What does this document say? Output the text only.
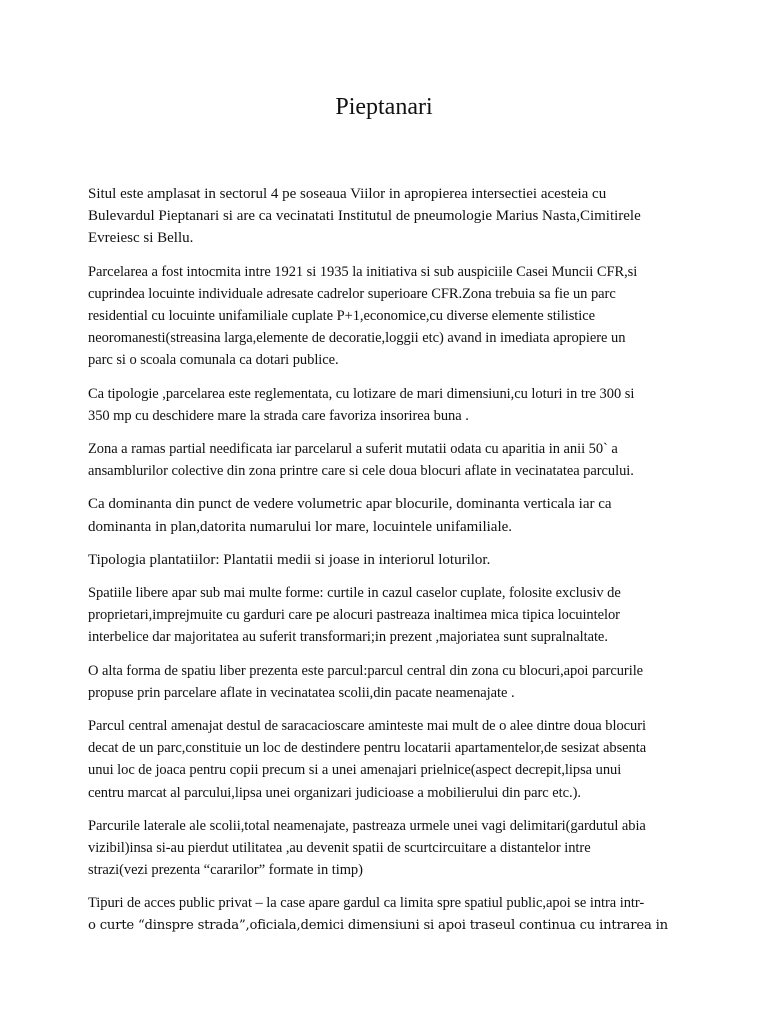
Pieptanari

Situl este amplasat in sectorul 4 pe soseaua Viilor in apropierea intersectiei acesteia cu
Bulevardul Pieptanari si are ca vecinatati Institutul de pneumologie Marius Nasta,Cimitirele
Evreiesc si Bellu.

Parcelarea a fost intocmita intre 1921 si 1935 la initiativa si sub auspiciile Casei Muncii CFR,si
cuprindea locuinte individuale adresate cadrelor superioare CFR.Zona trebuia sa fie un parc
residential cu locuinte unifamiliale cuplate P+1,economice,cu diverse elemente stilistice
neoromanesti(streasina larga,elemente de decoratie,loggii etc) avand in imediata apropiere un
parc si o scoala comunala ca dotari publice.

Ca tipologie ,parcelarea este reglementata, cu lotizare de mari dimensiuni,cu loturi in tre 300 si
350 mp cu deschidere mare la strada care favoriza insorirea buna .

Zona a ramas partial needificata iar parcelarul a suferit mutatii odata cu aparitia in anii 50` a
ansamblurilor colective din zona printre care si cele doua blocuri aflate in vecinatatea parcului.

Ca dominanta din punct de vedere volumetric apar blocurile, dominanta verticala iar ca
dominanta in plan,datorita numarului lor mare, locuintele unifamiliale.

Tipologia plantatiilor: Plantatii medii si joase in interiorul loturilor.

Spatiile libere apar sub mai multe forme: curtile in cazul caselor cuplate, folosite exclusiv de
proprietari,imprejmuite cu garduri care pe alocuri pastreaza inaltimea mica tipica locuintelor
interbelice dar majoritatea au suferit transformari;in prezent ,majoriatea sunt supralnaltate.

O alta forma de spatiu liber prezenta este parcul:parcul central din zona cu blocuri,apoi parcurile
propuse prin parcelare aflate in vecinatatea scolii,din pacate neamenajate .

Parcul central amenajat destul de saracacioscare aminteste mai mult de o alee dintre doua blocuri
decat de un parc,constituie un loc de destindere pentru locatarii apartamentelor,de sesizat absenta
unui loc de joaca pentru copii precum si a unei amenajari prielnice(aspect decrepit,lipsa unui
centru marcat al parcului,lipsa unei organizari judicioase a mobilierului din parc etc.).

Parcurile laterale ale scolii,total neamenajate, pastreaza urmele unei vagi delimitari(gardutul abia
vizibil)insa si-au pierdut utilitatea ,au devenit spatii de scurtcircuitare a distantelor intre
strazi(vezi prezenta “cararilor” formate in timp)

Tipuri de acces public privat – la case apare gardul ca limita spre spatiul public,apoi se intra intr-
o curte “dinspre strada”,oficiala,demici dimensiuni si apoi traseul continua cu intrarea in
